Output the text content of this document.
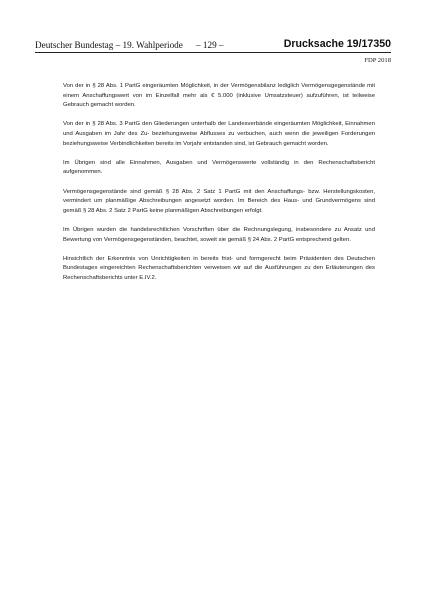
Deutscher Bundestag – 19. Wahlperiode – 129 –	Drucksache 19/17350
FDP 2018

Von der in § 28 Abs. 1 PartG eingeräumten Möglichkeit, in der Vermögensbilanz lediglich Vermögensgegenstände mit einem Anschaffungswert von im Einzelfall mehr als € 5.000 (inklusive Umsatzsteuer) aufzuführen, ist teilweise Gebrauch gemacht worden.

Von der in § 28 Abs. 3 PartG den Gliederungen unterhalb der Landesverbände eingeräumten Möglichkeit, Einnahmen und Ausgaben im Jahr des Zu- beziehungsweise Abflusses zu verbuchen, auch wenn die jeweiligen Forderungen beziehungsweise Verbindlichkeiten bereits im Vorjahr entstanden sind, ist Gebrauch gemacht worden.

Im Übrigen sind alle Einnahmen, Ausgaben und Vermögenswerte vollständig in den Rechenschaftsbericht aufgenommen.

Vermögensgegenstände sind gemäß § 28 Abs. 2 Satz 1 PartG mit den Anschaffungs- bzw. Herstellungskosten, vermindert um planmäßige Abschreibungen angesetzt worden. Im Bereich des Haus- und Grundvermögens sind gemäß § 28 Abs. 2 Satz 2 PartG keine planmäßigen Abschreibungen erfolgt.

Im Übrigen wurden die handelsrechtlichen Vorschriften über die Rechnungslegung, insbesondere zu Ansatz und Bewertung von Vermögensgegenständen, beachtet, soweit sie gemäß § 24 Abs. 2 PartG entsprechend gelten.

Hinsichtlich der Erkenntnis von Unrichtigkeiten in bereits frist- und formgerecht beim Präsidenten des Deutschen Bundestages eingereichten Rechenschaftsberichten verweisen wir auf die Ausführungen zu den Erläuterungen des Rechenschaftsberichts unter E.IV.2.
